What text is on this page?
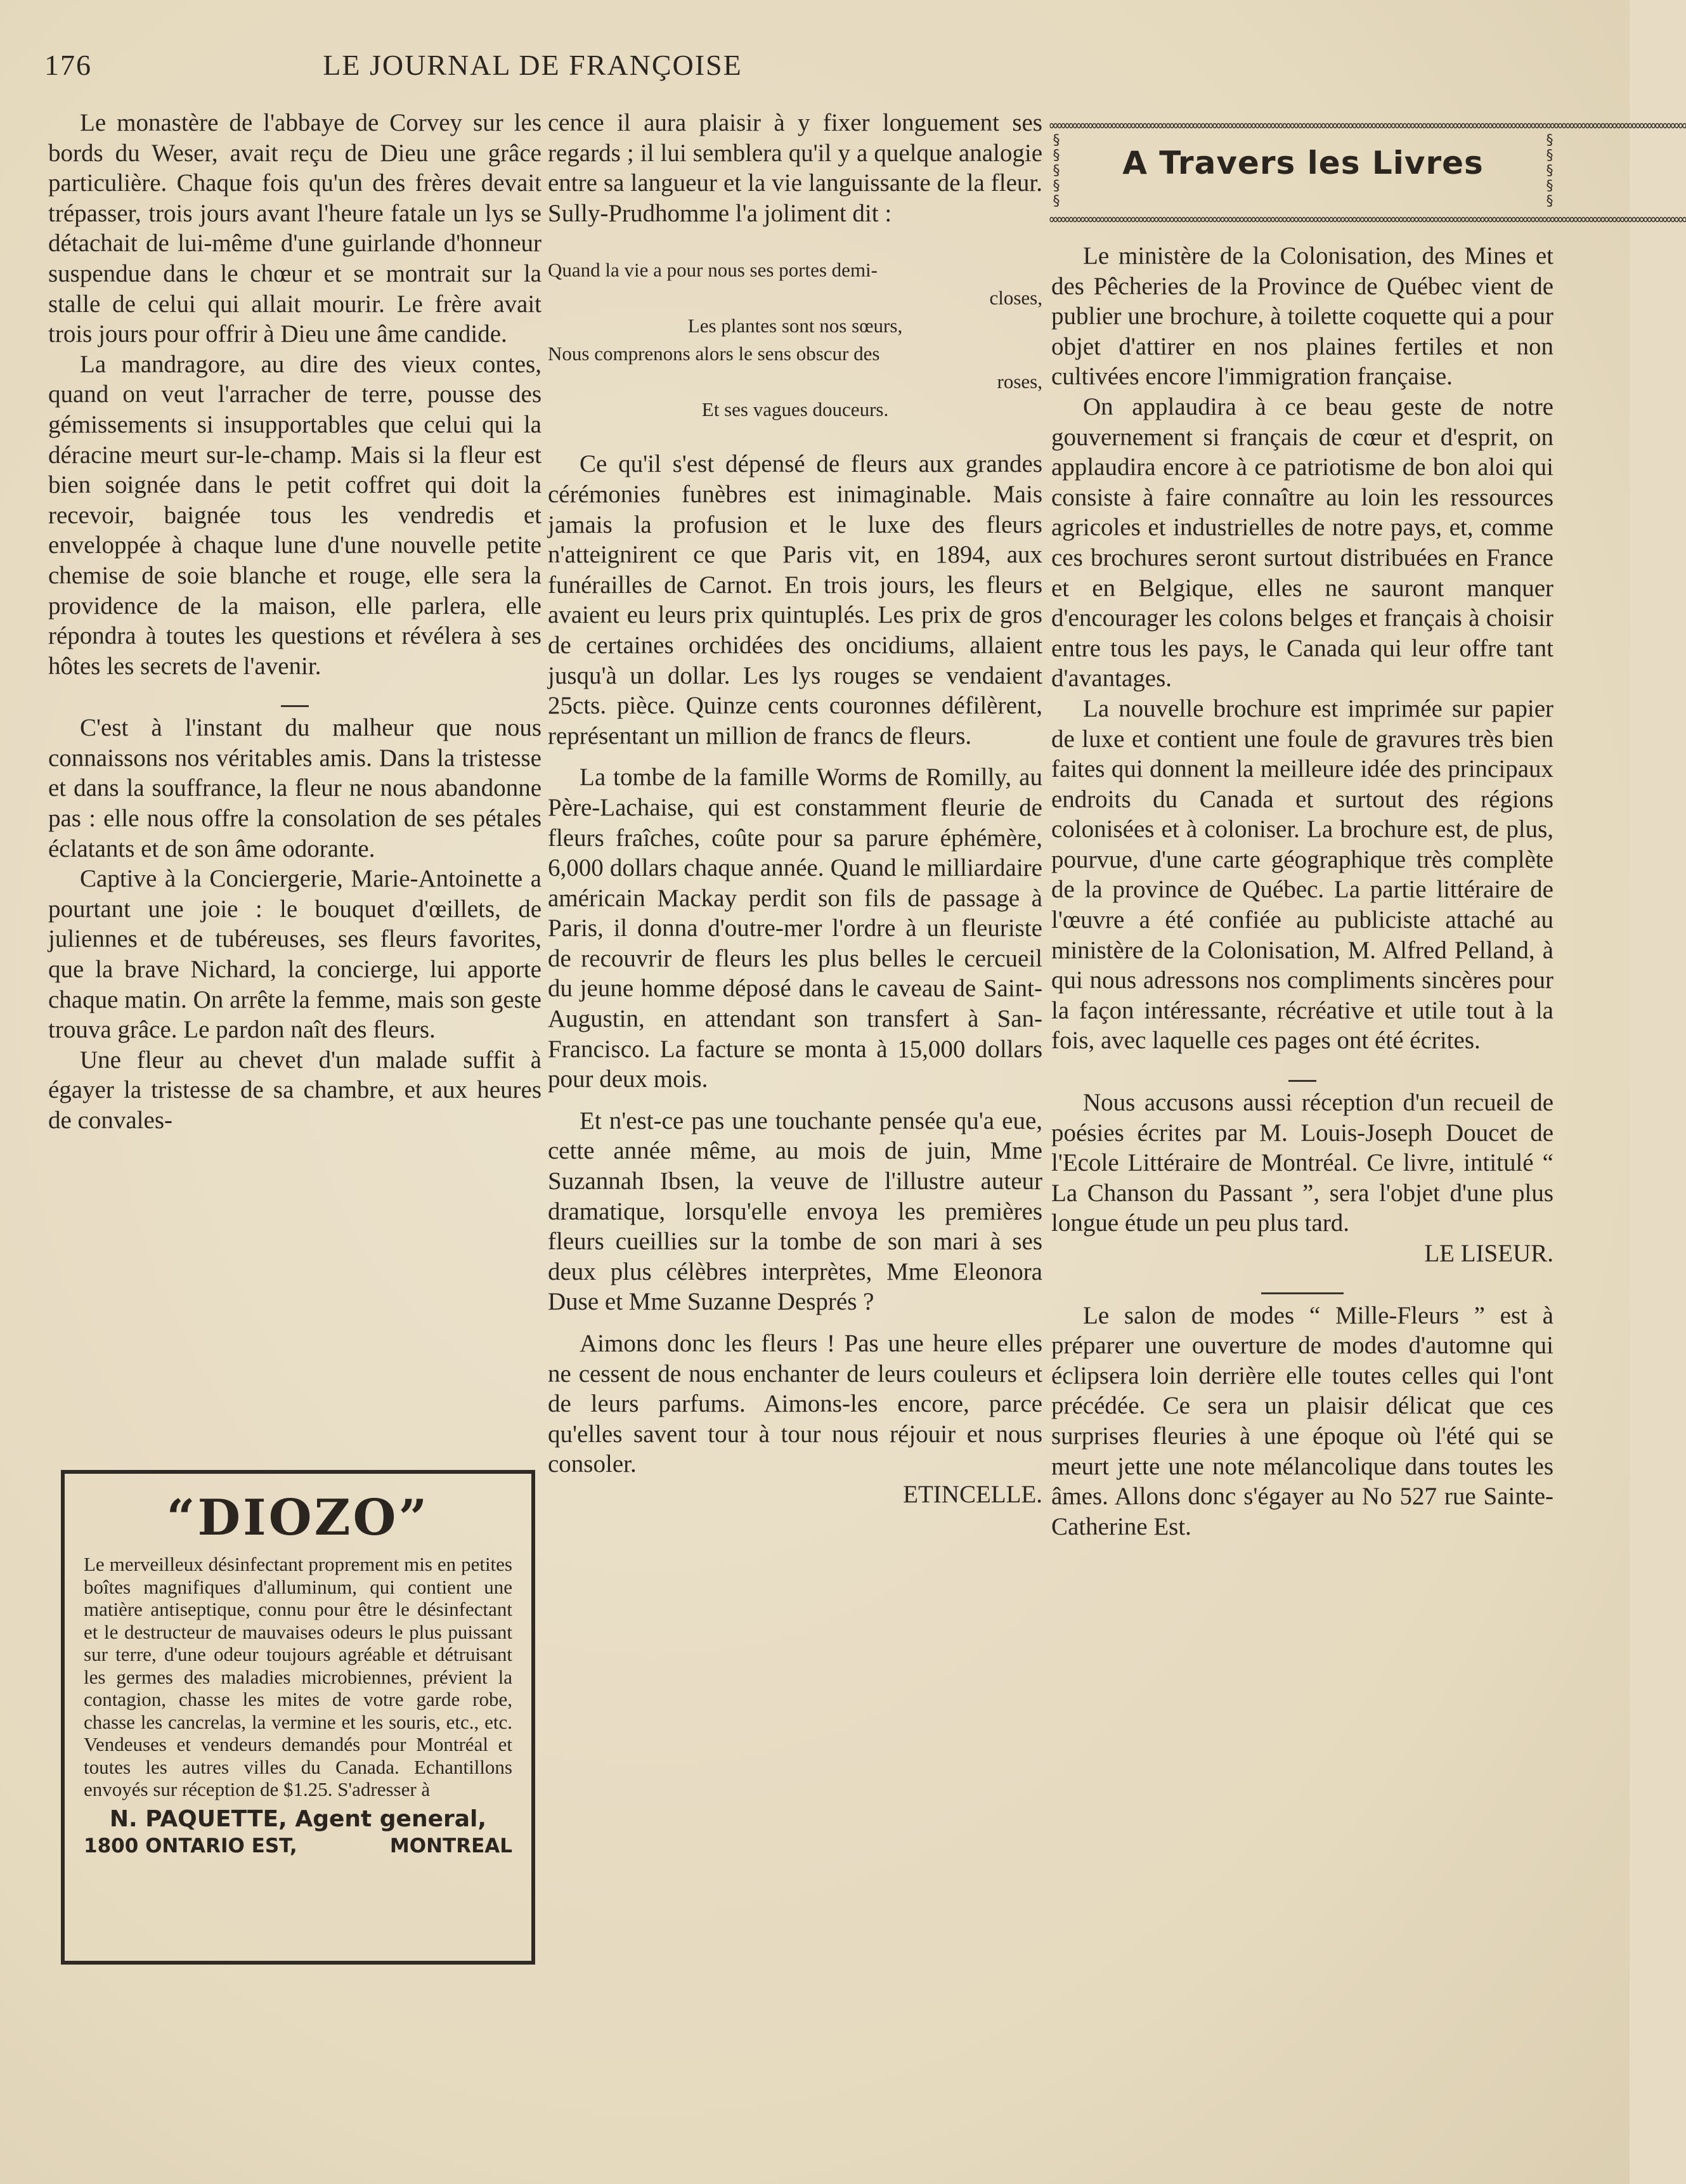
176	LE JOURNAL DE FRANÇOISE

Le monastère de l'abbaye de Corvey sur les bords du Weser, avait reçu de Dieu une grâce particulière. Chaque fois qu'un des frères devait trépasser, trois jours avant l'heure fatale un lys se détachait de lui-même d'une guirlande d'honneur suspendue dans le chœur et se montrait sur la stalle de celui qui allait mourir. Le frère avait trois jours pour offrir à Dieu une âme candide.

La mandragore, au dire des vieux contes, quand on veut l'arracher de terre, pousse des gémissements si insupportables que celui qui la déracine meurt sur-le-champ. Mais si la fleur est bien soignée dans le petit coffret qui doit la recevoir, baignée tous les vendredis et enveloppée à chaque lune d'une nouvelle petite chemise de soie blanche et rouge, elle sera la providence de la maison, elle parlera, elle répondra à toutes les questions et révélera à ses hôtes les secrets de l'avenir.

C'est à l'instant du malheur que nous connaissons nos véritables amis. Dans la tristesse et dans la souffrance, la fleur ne nous abandonne pas : elle nous offre la consolation de ses pétales éclatants et de son âme odorante.

Captive à la Conciergerie, Marie-Antoinette a pourtant une joie : le bouquet d'œillets, de juliennes et de tubéreuses, ses fleurs favorites, que la brave Nichard, la concierge, lui apporte chaque matin. On arrête la femme, mais son geste trouva grâce. Le pardon naît des fleurs.

Une fleur au chevet d'un malade suffit à égayer la tristesse de sa chambre, et aux heures de convales-

“DIOZO”
Le merveilleux désinfectant proprement mis en petites boîtes magnifiques d'alluminum, qui contient une matière antiseptique, connu pour être le désinfectant et le destructeur de mauvaises odeurs le plus puissant sur terre, d'une odeur toujours agréable et détruisant les germes des maladies microbiennes, prévient la contagion, chasse les mites de votre garde robe, chasse les cancrelas, la vermine et les souris, etc., etc. Vendeuses et vendeurs demandés pour Montréal et toutes les autres villes du Canada. Echantillons envoyés sur réception de $1.25. S'adresser à
N. PAQUETTE, Agent general,
1800 ONTARIO EST,	MONTREAL

cence il aura plaisir à y fixer longuement ses regards ; il lui semblera qu'il y a quelque analogie entre sa langueur et la vie languissante de la fleur. Sully-Prudhomme l'a joliment dit :

Quand la vie a pour nous ses portes demi-
closes,
Les plantes sont nos sœurs,
Nous comprenons alors le sens obscur des
roses,
Et ses vagues douceurs.

Ce qu'il s'est dépensé de fleurs aux grandes cérémonies funèbres est inimaginable. Mais jamais la profusion et le luxe des fleurs n'atteignirent ce que Paris vit, en 1894, aux funérailles de Carnot. En trois jours, les fleurs avaient eu leurs prix quintuplés. Les prix de gros de certaines orchidées des oncidiums, allaient jusqu'à un dollar. Les lys rouges se vendaient 25cts. pièce. Quinze cents couronnes défilèrent, représentant un million de francs de fleurs.

La tombe de la famille Worms de Romilly, au Père-Lachaise, qui est constamment fleurie de fleurs fraîches, coûte pour sa parure éphémère, 6,000 dollars chaque année. Quand le milliardaire américain Mackay perdit son fils de passage à Paris, il donna d'outre-mer l'ordre à un fleuriste de recouvrir de fleurs les plus belles le cercueil du jeune homme déposé dans le caveau de Saint-Augustin, en attendant son transfert à San-Francisco. La facture se monta à 15,000 dollars pour deux mois.

Et n'est-ce pas une touchante pensée qu'a eue, cette année même, au mois de juin, Mme Suzannah Ibsen, la veuve de l'illustre auteur dramatique, lorsqu'elle envoya les premières fleurs cueillies sur la tombe de son mari à ses deux plus célèbres interprètes, Mme Eleonora Duse et Mme Suzanne Després ?

Aimons donc les fleurs ! Pas une heure elles ne cessent de nous enchanter de leurs couleurs et de leurs parfums. Aimons-les encore, parce qu'elles savent tour à tour nous réjouir et nous consoler.

ETINCELLE.

∞∞∞∞∞∞∞∞∞∞∞∞∞∞∞∞∞∞∞∞∞∞∞∞∞∞∞∞∞∞∞∞∞∞∞∞∞∞∞∞∞∞∞∞∞∞∞∞∞∞∞∞∞∞∞∞∞∞∞∞∞∞∞∞∞∞∞∞∞∞∞∞∞∞∞∞∞∞∞∞∞∞
§§§§§
A Travers les Livres
§§§§§
∞∞∞∞∞∞∞∞∞∞∞∞∞∞∞∞∞∞∞∞∞∞∞∞∞∞∞∞∞∞∞∞∞∞∞∞∞∞∞∞∞∞∞∞∞∞∞∞∞∞∞∞∞∞∞∞∞∞∞∞∞∞∞∞∞∞∞∞∞∞∞∞∞∞∞∞∞∞∞∞∞∞

Le ministère de la Colonisation, des Mines et des Pêcheries de la Province de Québec vient de publier une brochure, à toilette coquette qui a pour objet d'attirer en nos plaines fertiles et non cultivées encore l'immigration française.

On applaudira à ce beau geste de notre gouvernement si français de cœur et d'esprit, on applaudira encore à ce patriotisme de bon aloi qui consiste à faire connaître au loin les ressources agricoles et industrielles de notre pays, et, comme ces brochures seront surtout distribuées en France et en Belgique, elles ne sauront manquer d'encourager les colons belges et français à choisir entre tous les pays, le Canada qui leur offre tant d'avantages.

La nouvelle brochure est imprimée sur papier de luxe et contient une foule de gravures très bien faites qui donnent la meilleure idée des principaux endroits du Canada et surtout des régions colonisées et à coloniser. La brochure est, de plus, pourvue, d'une carte géographique très complète de la province de Québec. La partie littéraire de l'œuvre a été confiée au publiciste attaché au ministère de la Colonisation, M. Alfred Pelland, à qui nous adressons nos compliments sincères pour la façon intéressante, récréative et utile tout à la fois, avec laquelle ces pages ont été écrites.

Nous accusons aussi réception d'un recueil de poésies écrites par M. Louis-Joseph Doucet de l'Ecole Littéraire de Montréal. Ce livre, intitulé “ La Chanson du Passant ”, sera l'objet d'une plus longue étude un peu plus tard.

LE LISEUR.

Le salon de modes “ Mille-Fleurs ” est à préparer une ouverture de modes d'automne qui éclipsera loin derrière elle toutes celles qui l'ont précédée. Ce sera un plaisir délicat que ces surprises fleuries à une époque où l'été qui se meurt jette une note mélancolique dans toutes les âmes. Allons donc s'égayer au No 527 rue Sainte-Catherine Est.
